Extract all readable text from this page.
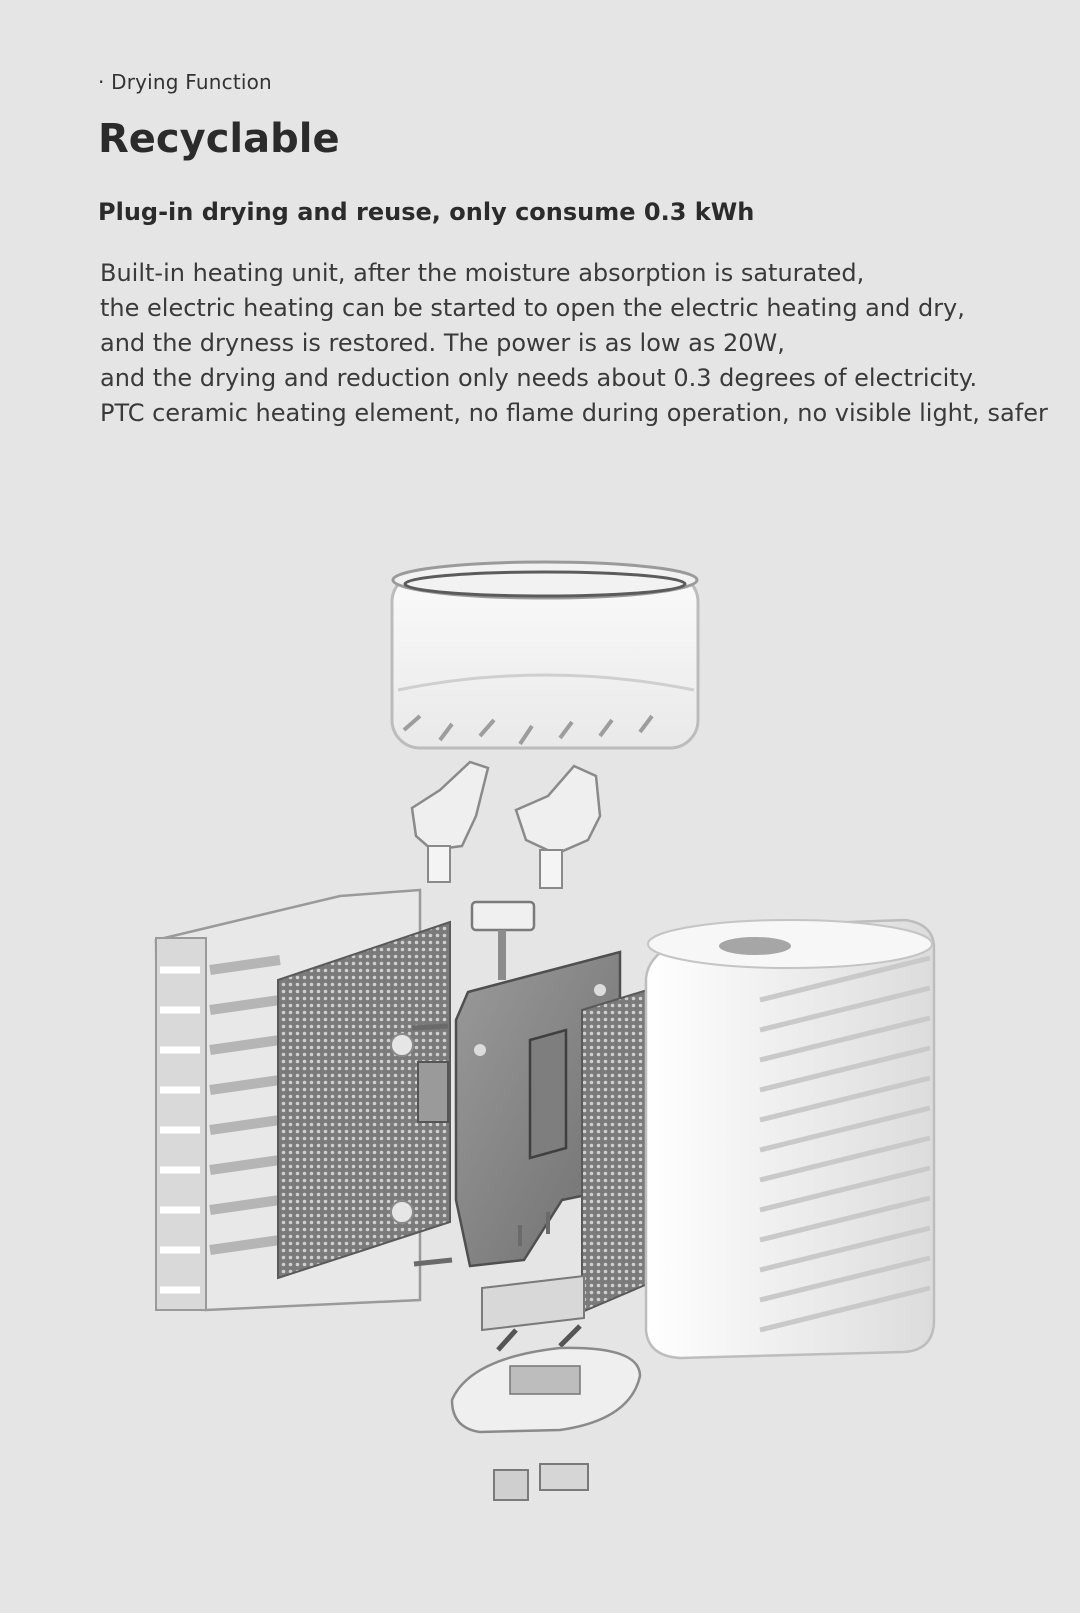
· Drying Function
Recyclable
Plug-in drying and reuse, only consume 0.3 kWh
Built-in heating unit, after the moisture absorption is saturated,
the electric heating can be started to open the electric heating and dry,
and the dryness is restored. The power is as low as 20W,
and the drying and reduction only needs about 0.3 degrees of electricity.
PTC ceramic heating element, no flame during operation, no visible light, safer
